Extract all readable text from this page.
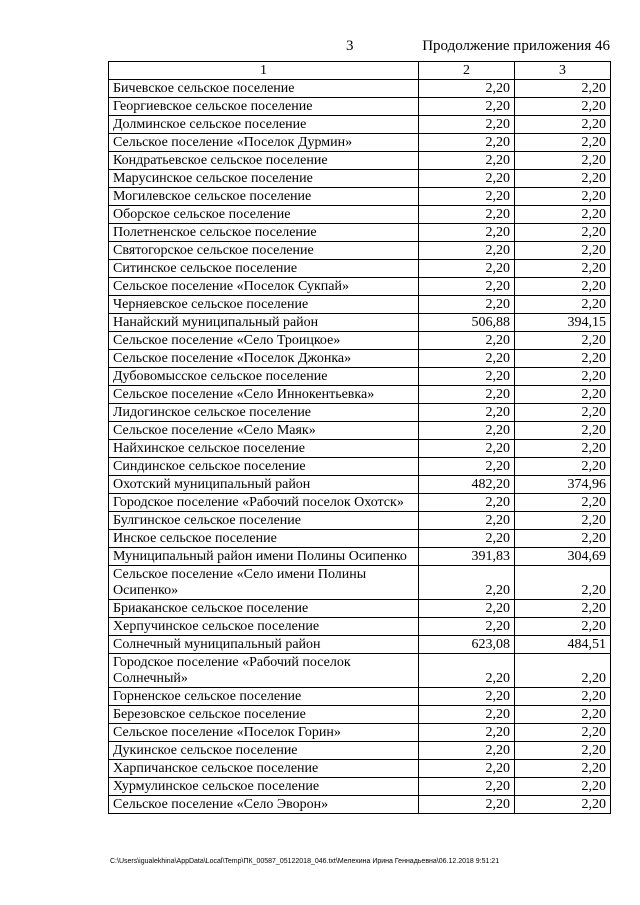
3	Продолжение приложения 46
1	2	3
Бичевское сельское поселение	2,20	2,20
Георгиевское сельское поселение	2,20	2,20
Долминское сельское поселение	2,20	2,20
Сельское поселение «Поселок Дурмин»	2,20	2,20
Кондратьевское сельское поселение	2,20	2,20
Марусинское сельское поселение	2,20	2,20
Могилевское сельское поселение	2,20	2,20
Оборское сельское поселение	2,20	2,20
Полетненское сельское поселение	2,20	2,20
Святогорское сельское поселение	2,20	2,20
Ситинское сельское поселение	2,20	2,20
Сельское поселение «Поселок Сукпай»	2,20	2,20
Черняевское сельское поселение	2,20	2,20
Нанайский муниципальный район	506,88	394,15
Сельское поселение «Село Троицкое»	2,20	2,20
Сельское поселение «Поселок Джонка»	2,20	2,20
Дубовомысское сельское поселение	2,20	2,20
Сельское поселение «Село Иннокентьевка»	2,20	2,20
Лидогинское сельское поселение	2,20	2,20
Сельское поселение «Село Маяк»	2,20	2,20
Найхинское сельское поселение	2,20	2,20
Синдинское сельское поселение	2,20	2,20
Охотский муниципальный район	482,20	374,96
Городское поселение «Рабочий поселок Охотск»	2,20	2,20
Булгинское сельское поселение	2,20	2,20
Инское сельское поселение	2,20	2,20
Муниципальный район имени Полины Осипенко	391,83	304,69
Сельское поселение «Село имени Полины Осипенко»	2,20	2,20
Бриаканское сельское поселение	2,20	2,20
Херпучинское сельское поселение	2,20	2,20
Солнечный муниципальный район	623,08	484,51
Городское поселение «Рабочий поселок Солнечный»	2,20	2,20
Горненское сельское поселение	2,20	2,20
Березовское сельское поселение	2,20	2,20
Сельское поселение «Поселок Горин»	2,20	2,20
Дукинское сельское поселение	2,20	2,20
Харпичанское сельское поселение	2,20	2,20
Хурмулинское сельское поселение	2,20	2,20
Сельское поселение «Село Эворон»	2,20	2,20
C:\Users\igualekhina\AppData\Local\Temp\ПК_00587_05122018_046.txt\Мелехина Ирина Геннадьевна\06.12.2018 9:51:21
